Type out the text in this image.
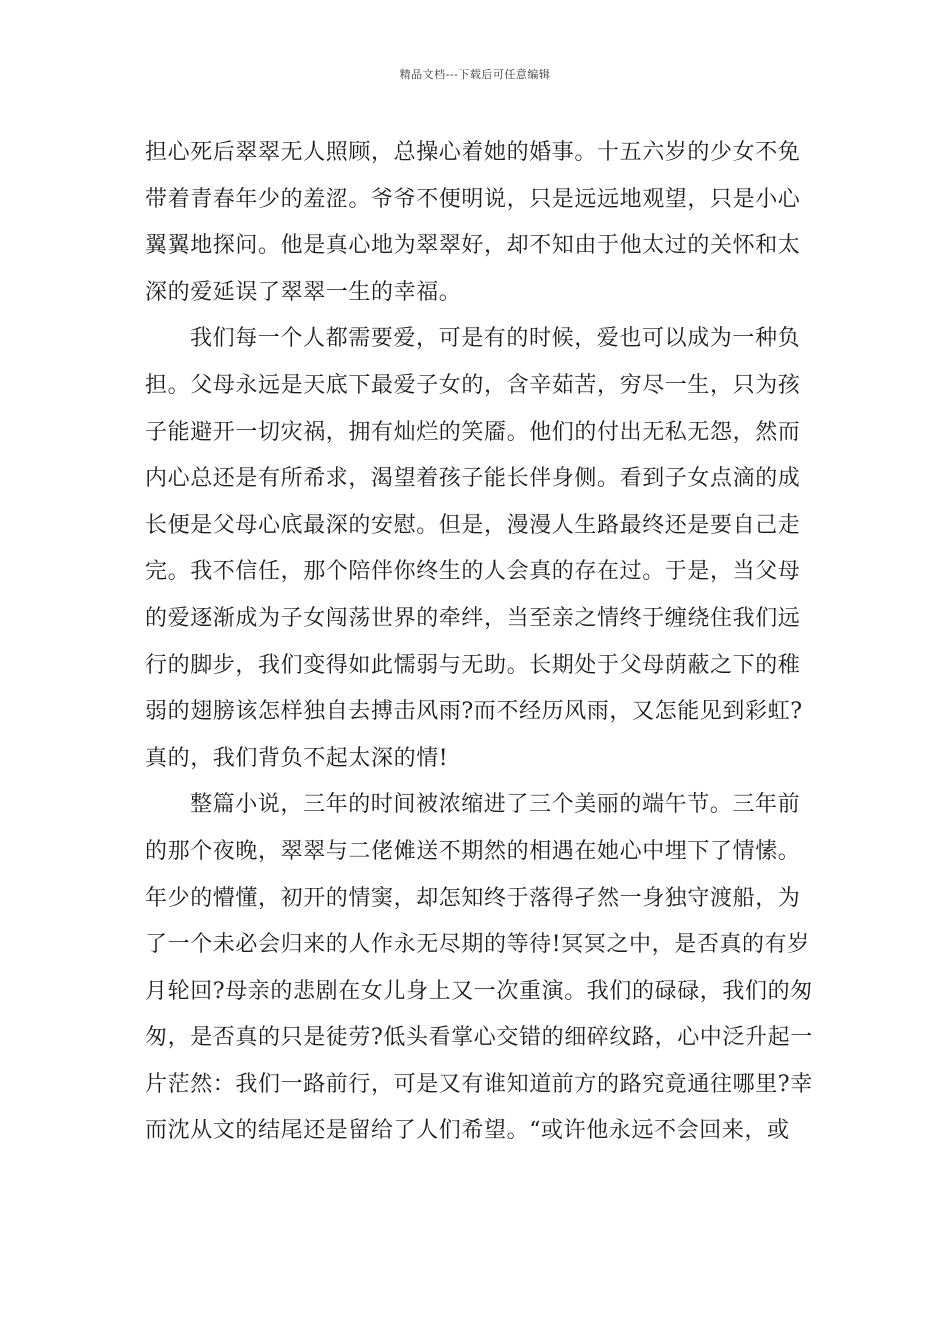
精品文档---下载后可任意编辑
担心死后翠翠无人照顾，总操心着她的婚事。十五六岁的少女不免
带着青春年少的羞涩。爷爷不便明说，只是远远地观望，只是小心
翼翼地探问。他是真心地为翠翠好，却不知由于他太过的关怀和太
深的爱延误了翠翠一生的幸福。
我们每一个人都需要爱，可是有的时候，爱也可以成为一种负
担。父母永远是天底下最爱子女的，含辛茹苦，穷尽一生，只为孩
子能避开一切灾祸，拥有灿烂的笑靥。他们的付出无私无怨，然而
内心总还是有所希求，渴望着孩子能长伴身侧。看到子女点滴的成
长便是父母心底最深的安慰。但是，漫漫人生路最终还是要自己走
完。我不信任，那个陪伴你终生的人会真的存在过。于是，当父母
的爱逐渐成为子女闯荡世界的牵绊，当至亲之情终于缠绕住我们远
行的脚步，我们变得如此懦弱与无助。长期处于父母荫蔽之下的稚
弱的翅膀该怎样独自去搏击风雨?而不经历风雨，又怎能见到彩虹?
真的，我们背负不起太深的情!
整篇小说，三年的时间被浓缩进了三个美丽的端午节。三年前
的那个夜晚，翠翠与二佬傩送不期然的相遇在她心中埋下了情愫。
年少的懵懂，初开的情窦，却怎知终于落得孑然一身独守渡船，为
了一个未必会归来的人作永无尽期的等待!冥冥之中，是否真的有岁
月轮回?母亲的悲剧在女儿身上又一次重演。我们的碌碌，我们的匆
匆，是否真的只是徒劳?低头看掌心交错的细碎纹路，心中泛升起一
片茫然：我们一路前行，可是又有谁知道前方的路究竟通往哪里?幸
而沈从文的结尾还是留给了人们希望。“或许他永远不会回来，或
